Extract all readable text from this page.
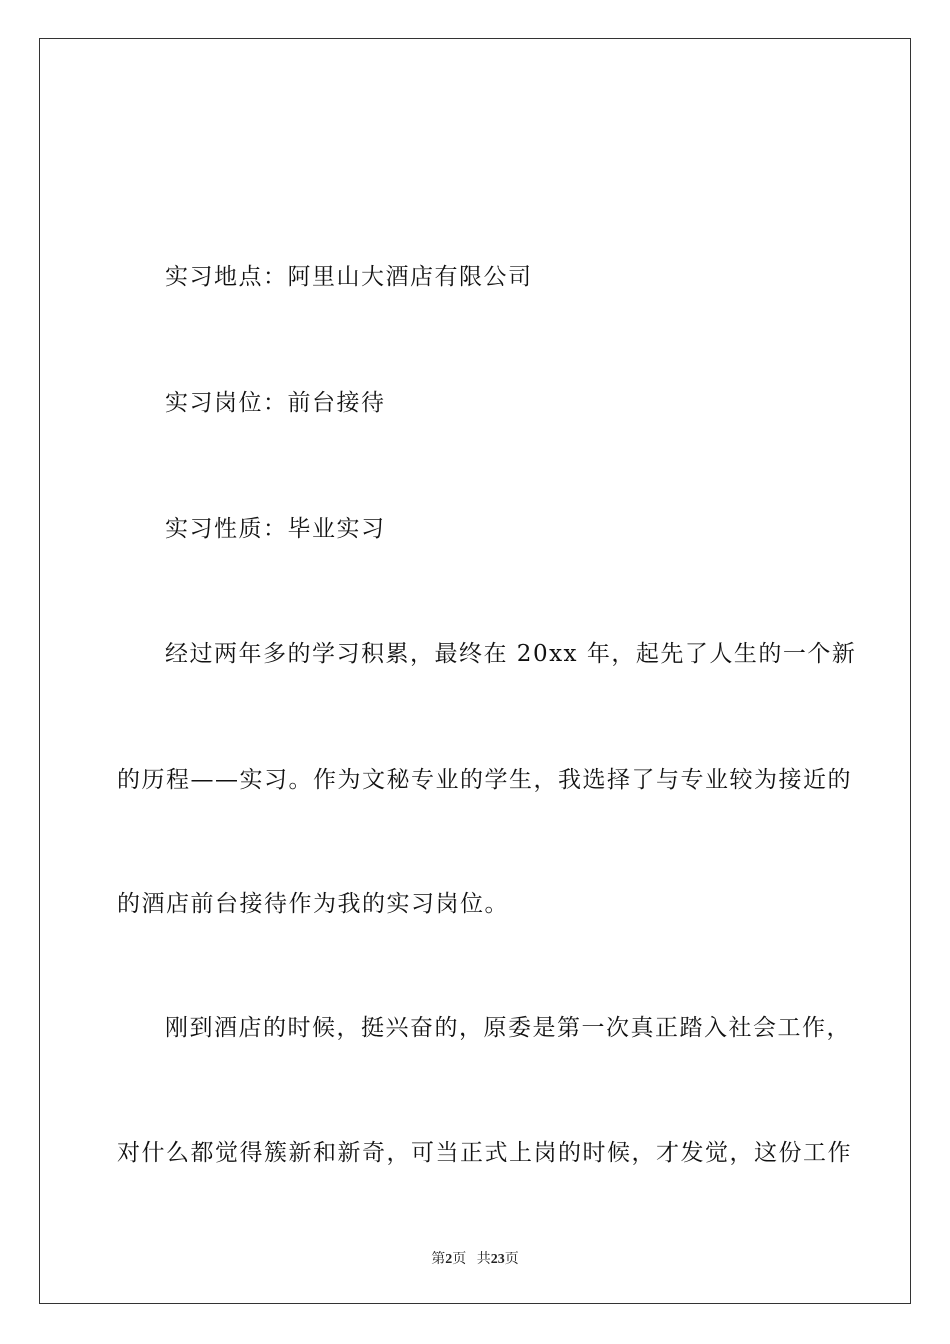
实习地点：阿里山大酒店有限公司
实习岗位：前台接待
实习性质：毕业实习
经过两年多的学习积累，最终在 20xx 年，起先了人生的一个新
的历程——实习。作为文秘专业的学生，我选择了与专业较为接近的
的酒店前台接待作为我的实习岗位。
刚到酒店的时候，挺兴奋的，原委是第一次真正踏入社会工作，
对什么都觉得簇新和新奇，可当正式上岗的时候，才发觉，这份工作
第2页 共23页
